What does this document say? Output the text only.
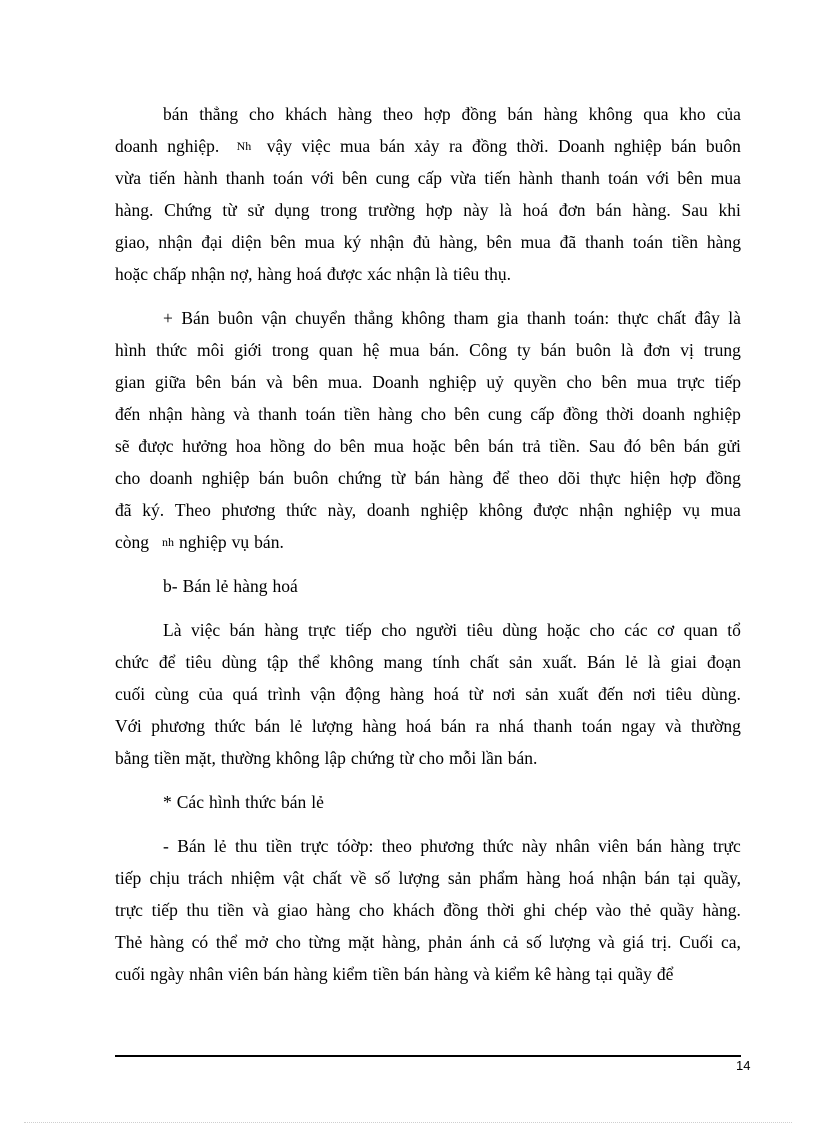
bán thẳng cho khách hàng theo hợp đồng bán hàng không qua kho của
doanh nghiệp. Nh vậy việc mua bán xảy ra đồng thời. Doanh nghiệp bán buôn
vừa tiến hành thanh toán với bên cung cấp vừa tiến hành thanh toán với bên mua
hàng. Chứng từ sử dụng trong trường hợp này là hoá đơn bán hàng. Sau khi
giao, nhận đại diện bên mua ký nhận đủ hàng, bên mua đã thanh toán tiền hàng
hoặc chấp nhận nợ, hàng hoá được xác nhận là tiêu thụ.
+ Bán buôn vận chuyển thẳng không tham gia thanh toán: thực chất đây là
hình thức môi giới trong quan hệ mua bán. Công ty bán buôn là đơn vị trung
gian giữa bên bán và bên mua. Doanh nghiệp uỷ quyền cho bên mua trực tiếp
đến nhận hàng và thanh toán tiền hàng cho bên cung cấp đồng thời doanh nghiệp
sẽ được hưởng hoa hồng do bên mua hoặc bên bán trả tiền. Sau đó bên bán gửi
cho doanh nghiệp bán buôn chứng từ bán hàng để theo dõi thực hiện hợp đồng
đã ký. Theo phương thức này, doanh nghiệp không được nhận nghiệp vụ mua
còng nh nghiệp vụ bán.
b- Bán lẻ hàng hoá
Là việc bán hàng trực tiếp cho người tiêu dùng hoặc cho các cơ quan tổ
chức để tiêu dùng tập thể không mang tính chất sản xuất. Bán lẻ là giai đoạn
cuối cùng của quá trình vận động hàng hoá từ nơi sản xuất đến nơi tiêu dùng.
Với phương thức bán lẻ lượng hàng hoá bán ra nhá thanh toán ngay và thường
bằng tiền mặt, thường không lập chứng từ cho mỗi lần bán.
* Các hình thức bán lẻ
- Bán lẻ thu tiền trực tóờp: theo phương thức này nhân viên bán hàng trực
tiếp chịu trách nhiệm vật chất về số lượng sản phẩm hàng hoá nhận bán tại quầy,
trực tiếp thu tiền và giao hàng cho khách đồng thời ghi chép vào thẻ quầy hàng.
Thẻ hàng có thể mở cho từng mặt hàng, phản ánh cả số lượng và giá trị. Cuối ca,
cuối ngày nhân viên bán hàng kiểm tiền bán hàng và kiểm kê hàng tại quầy để
14
